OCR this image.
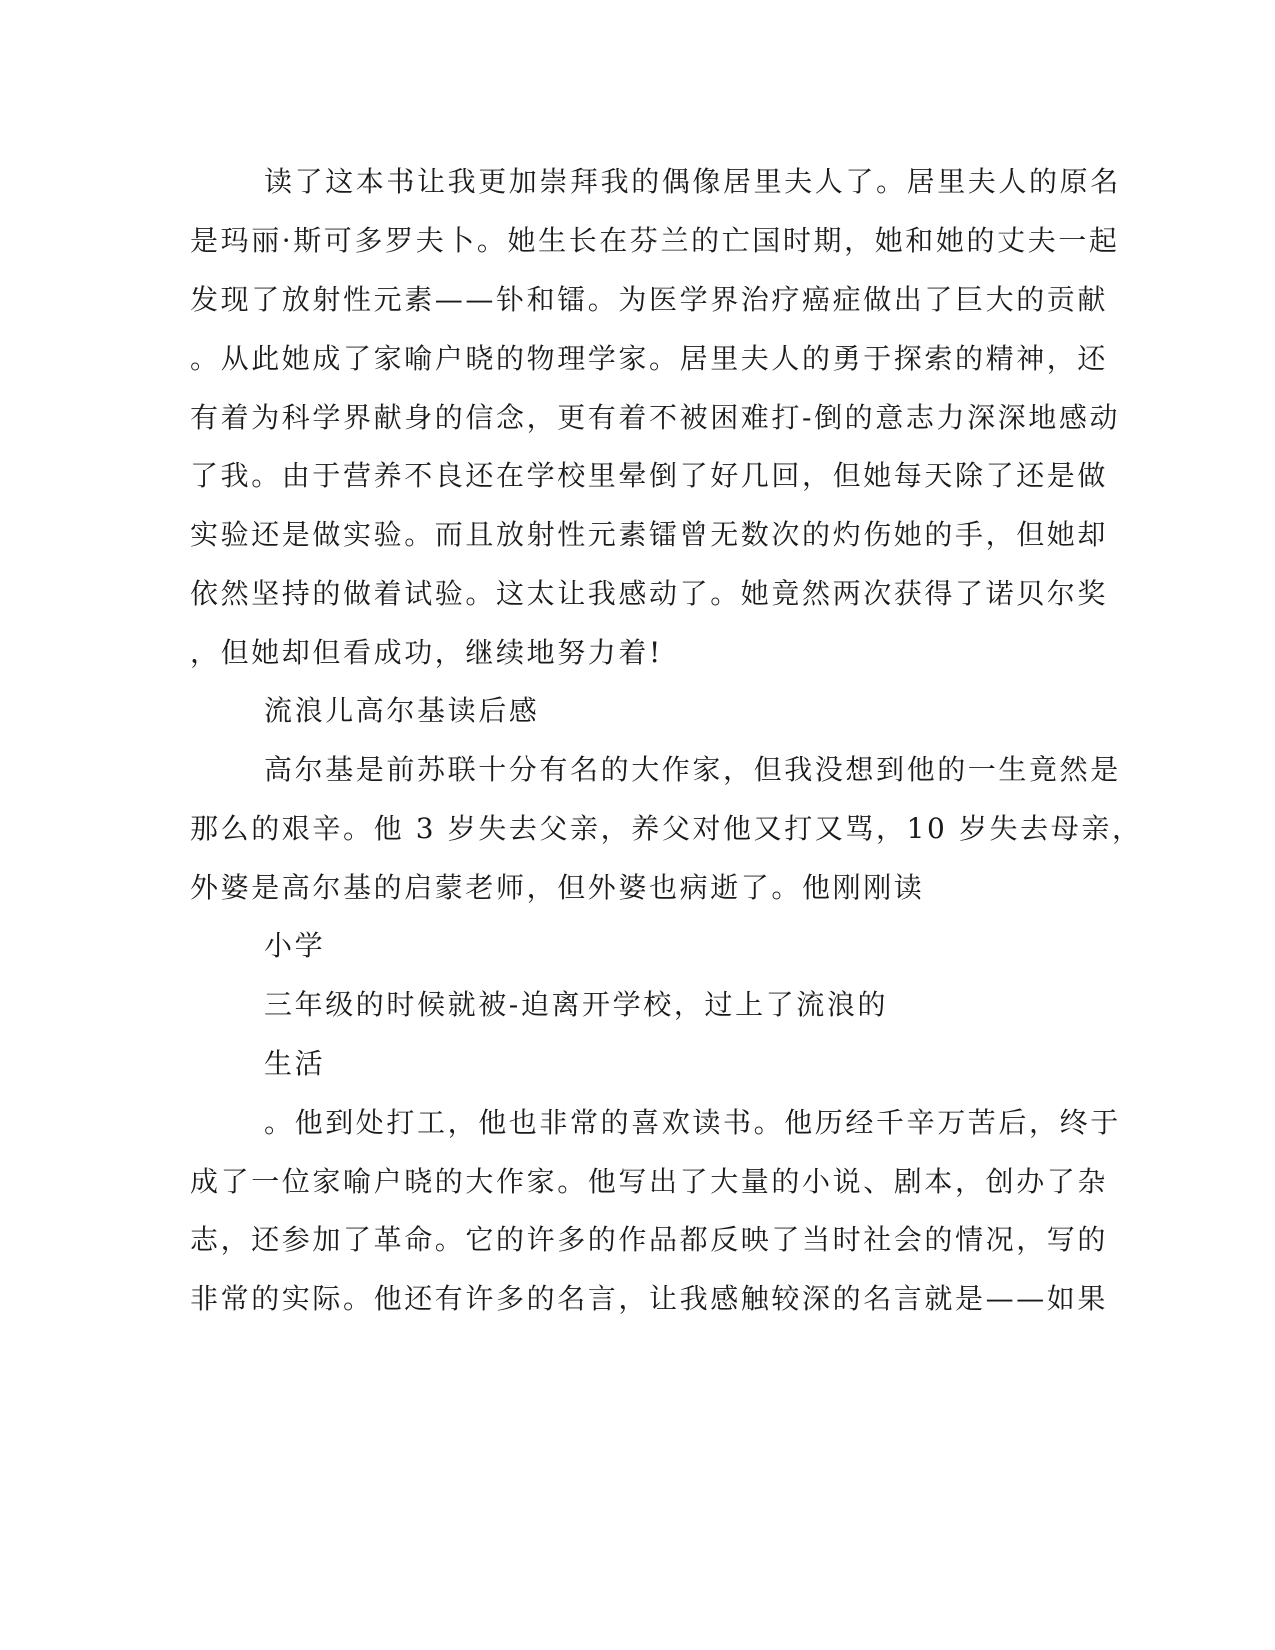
读了这本书让我更加崇拜我的偶像居里夫人了。居里夫人的原名

是玛丽·斯可多罗夫卜。她生长在芬兰的亡国时期，她和她的丈夫一起

发现了放射性元素——钋和镭。为医学界治疗癌症做出了巨大的贡献

。从此她成了家喻户晓的物理学家。居里夫人的勇于探索的精神，还

有着为科学界献身的信念，更有着不被困难打-倒的意志力深深地感动

了我。由于营养不良还在学校里晕倒了好几回，但她每天除了还是做

实验还是做实验。而且放射性元素镭曾无数次的灼伤她的手，但她却

依然坚持的做着试验。这太让我感动了。她竟然两次获得了诺贝尔奖

，但她却但看成功，继续地努力着!

流浪儿高尔基读后感

高尔基是前苏联十分有名的大作家，但我没想到他的一生竟然是

那么的艰辛。他 3 岁失去父亲，养父对他又打又骂，10 岁失去母亲，

外婆是高尔基的启蒙老师，但外婆也病逝了。他刚刚读

小学

三年级的时候就被-迫离开学校，过上了流浪的

生活

。他到处打工，他也非常的喜欢读书。他历经千辛万苦后，终于

成了一位家喻户晓的大作家。他写出了大量的小说、剧本，创办了杂

志，还参加了革命。它的许多的作品都反映了当时社会的情况，写的

非常的实际。他还有许多的名言，让我感触较深的名言就是——如果
